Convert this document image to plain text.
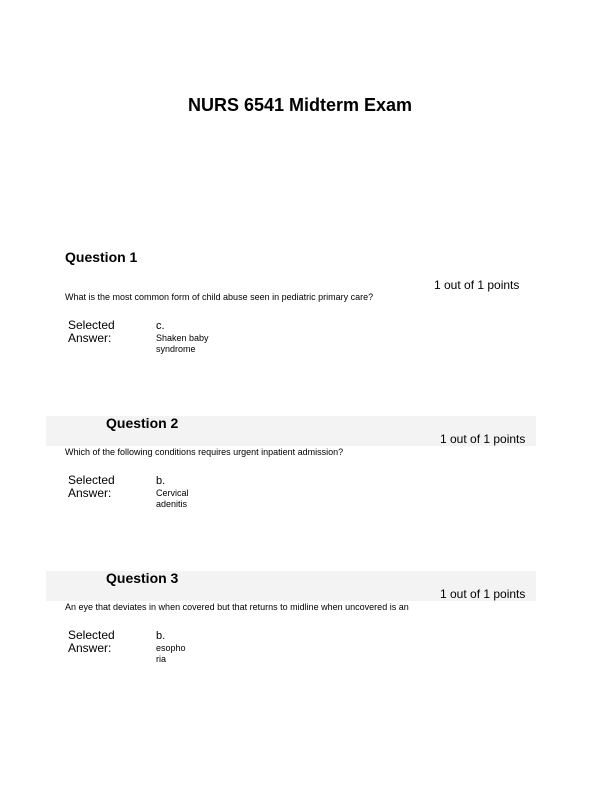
NURS 6541 Midterm Exam
Question 1
1 out of 1 points
What is the most common form of child abuse seen in pediatric primary care?
Selected
Answer:
c.
Shaken baby
syndrome
Question 2
1 out of 1 points
Which of the following conditions requires urgent inpatient admission?
Selected
Answer:
b.
Cervical
adenitis
Question 3
1 out of 1 points
An eye that deviates in when covered but that returns to midline when uncovered is an
Selected
Answer:
b.
esopho
ria
